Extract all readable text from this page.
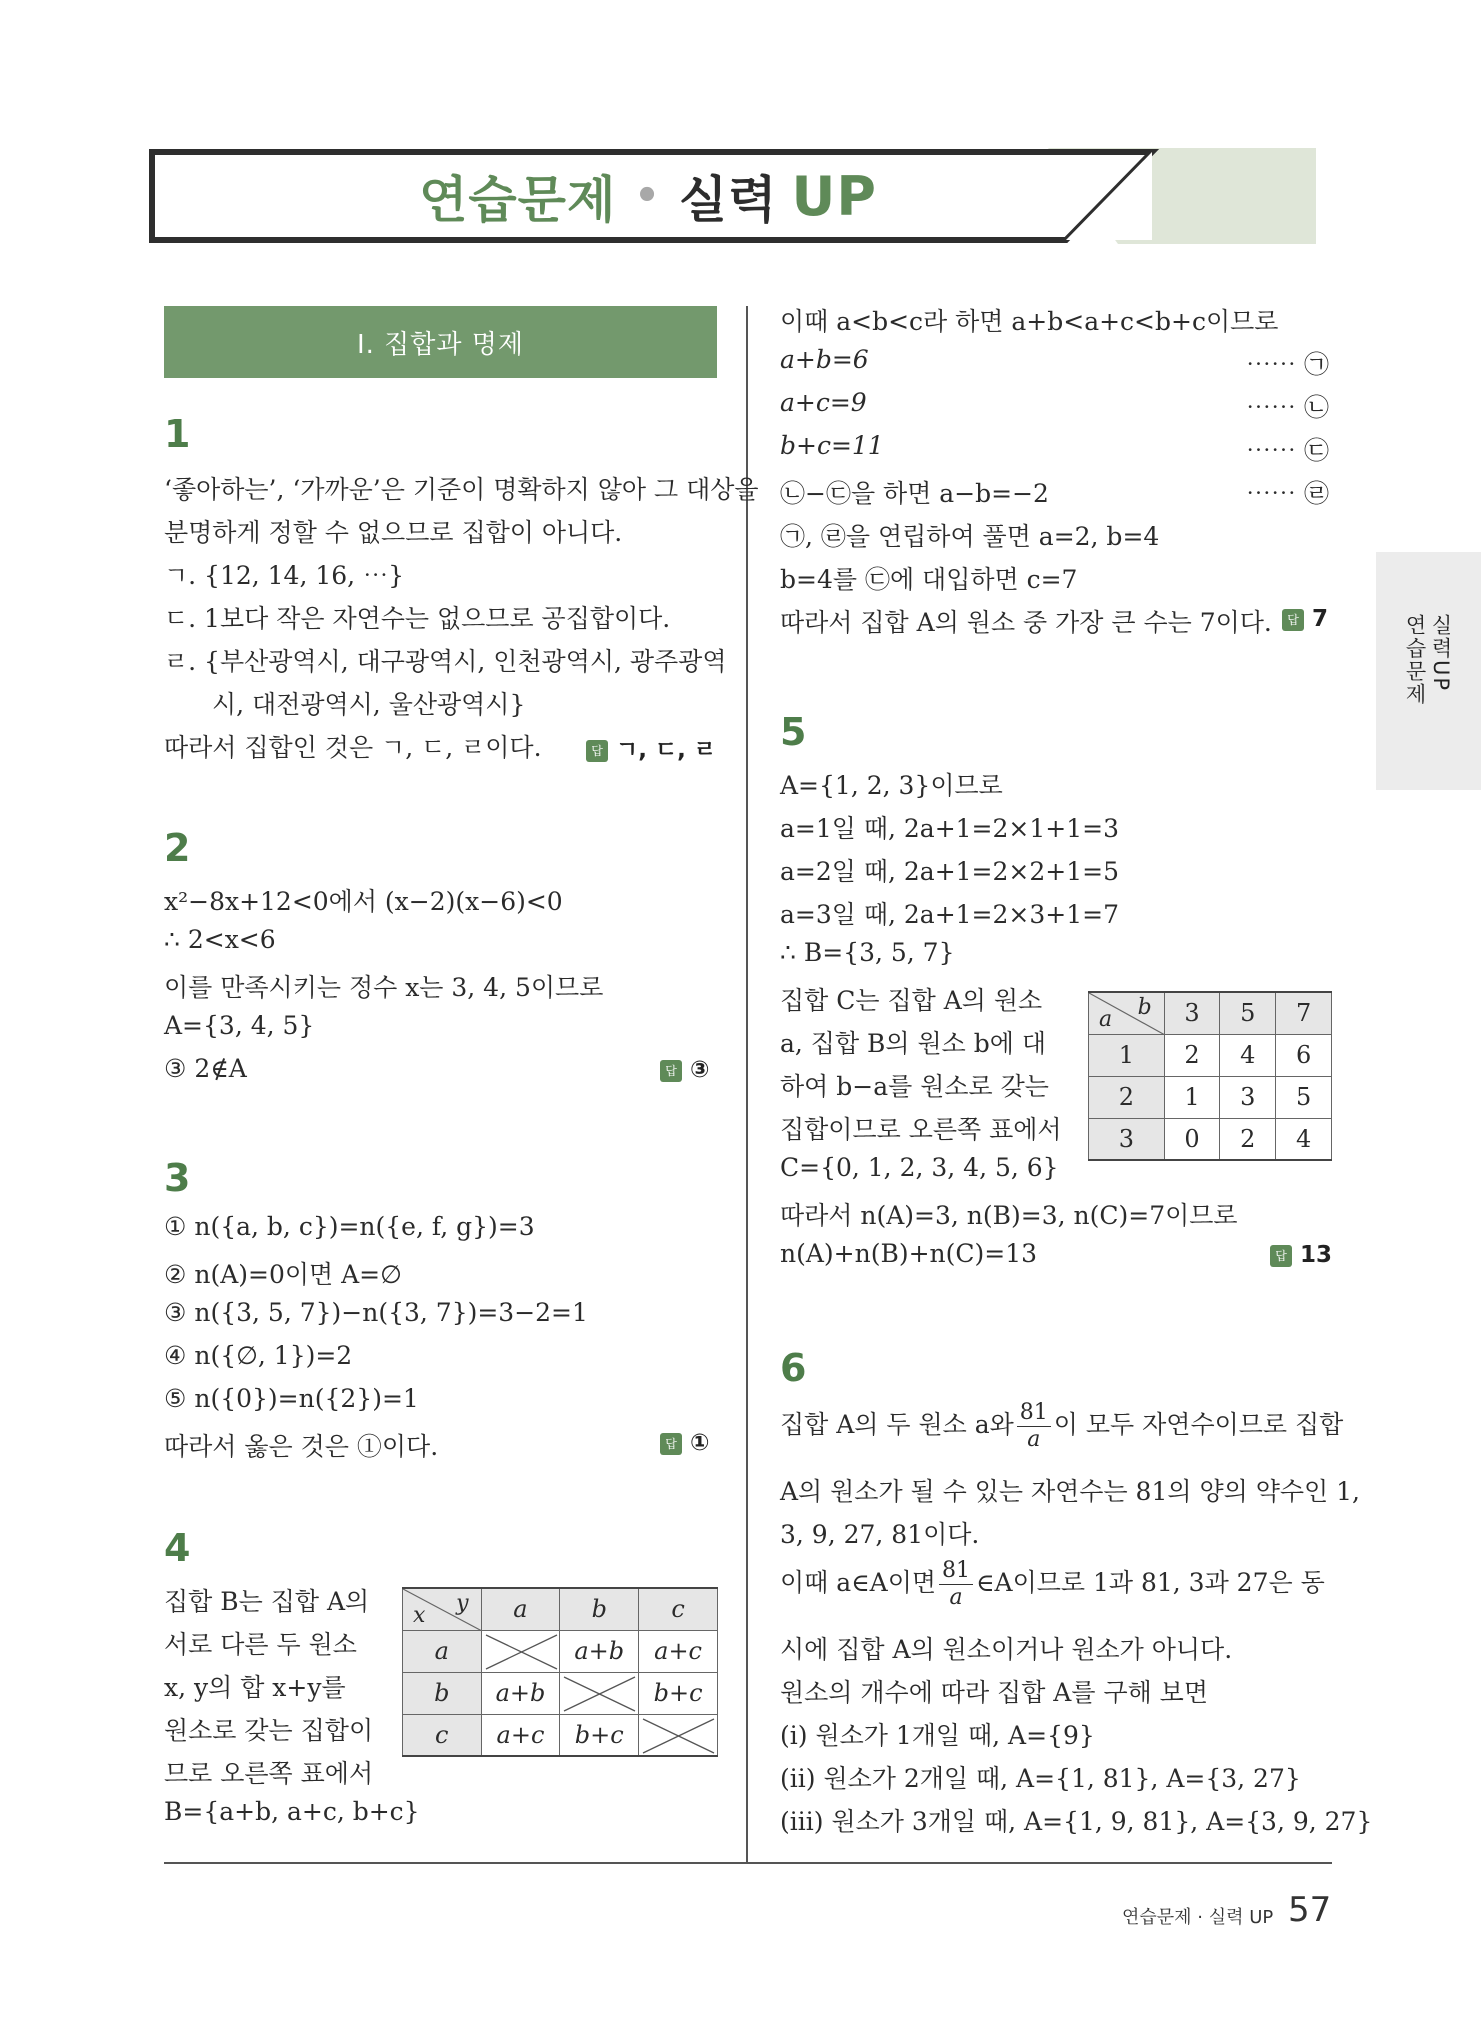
연습문제 • 실력 UP
Ⅰ. 집합과 명제
실력UP
연습문제
1
‘좋아하는’, ‘가까운’은 기준이 명확하지 않아 그 대상을
분명하게 정할 수 없으므로 집합이 아니다.
ㄱ. {12, 14, 16, ⋯}
ㄷ. 1보다 작은 자연수는 없으므로 공집합이다.
ㄹ. {부산광역시, 대구광역시, 인천광역시, 광주광역
시, 대전광역시, 울산광역시}
따라서 집합인 것은 ㄱ, ㄷ, ㄹ이다.	답 ㄱ, ㄷ, ㄹ
2
x²−8x+12<0에서 (x−2)(x−6)<0
∴ 2<x<6
이를 만족시키는 정수 x는 3, 4, 5이므로
A={3, 4, 5}
③ 2∉A	답 ③
3
① n({a, b, c})=n({e, f, g})=3
② n(A)=0이면 A=∅
③ n({3, 5, 7})−n({3, 7})=3−2=1
④ n({∅, 1})=2
⑤ n({0})=n({2})=1
따라서 옳은 것은 ①이다.	답 ①
4
집합 B는 집합 A의
서로 다른 두 원소
x, y의 합 x+y를
원소로 갖는 집합이
므로 오른쪽 표에서
B={a+b, a+c, b+c}
y
x	a	b	c
a		a+b	a+c
b	a+b		b+c
c	a+c	b+c	
이때 a<b<c라 하면 a+b<a+c<b+c이므로
a+b=6	⋯⋯ ㉠
a+c=9	⋯⋯ ㉡
b+c=11	⋯⋯ ㉢
㉡−㉢을 하면 a−b=−2	⋯⋯ ㉣
㉠, ㉣을 연립하여 풀면 a=2, b=4
b=4를 ㉢에 대입하면 c=7
따라서 집합 A의 원소 중 가장 큰 수는 7이다.	답 7
5
A={1, 2, 3}이므로
a=1일 때, 2a+1=2×1+1=3
a=2일 때, 2a+1=2×2+1=5
a=3일 때, 2a+1=2×3+1=7
∴ B={3, 5, 7}
집합 C는 집합 A의 원소
a, 집합 B의 원소 b에 대
하여 b−a를 원소로 갖는
집합이므로 오른쪽 표에서
C={0, 1, 2, 3, 4, 5, 6}
따라서 n(A)=3, n(B)=3, n(C)=7이므로
n(A)+n(B)+n(C)=13	답 13
b
a	3	5	7
1	2	4	6
2	1	3	5
3	0	2	4
6
집합 A의 두 원소 a와 $\frac{81}{a}$ 이 모두 자연수이므로 집합
A의 원소가 될 수 있는 자연수는 81의 양의 약수인 1,
3, 9, 27, 81이다.
이때 a∈A이면 $\frac{81}{a}$ ∈A이므로 1과 81, 3과 27은 동
시에 집합 A의 원소이거나 원소가 아니다.
원소의 개수에 따라 집합 A를 구해 보면
(ⅰ) 원소가 1개일 때, A={9}
(ⅱ) 원소가 2개일 때, A={1, 81}, A={3, 27}
(ⅲ) 원소가 3개일 때, A={1, 9, 81}, A={3, 9, 27}
연습문제 · 실력 UP 57
